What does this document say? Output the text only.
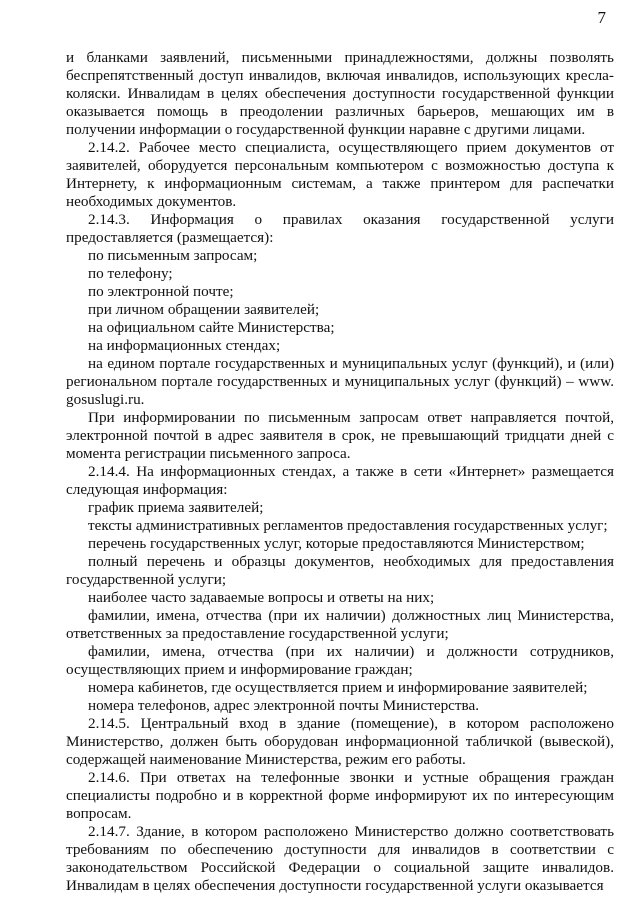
7

и бланками заявлений, письменными принадлежностями, должны позволять беспрепятственный доступ инвалидов, включая инвалидов, использующих кресла-коляски. Инвалидам в целях обеспечения доступности государственной функции оказывается помощь в преодолении различных барьеров, мешающих им в получении информации о государственной функции наравне с другими лицами.

2.14.2. Рабочее место специалиста, осуществляющего прием документов от заявителей, оборудуется персональным компьютером с возможностью доступа к Интернету, к информационным системам, а также принтером для распечатки необходимых документов.

2.14.3. Информация о правилах оказания государственной услуги предоставляется (размещается):

по письменным запросам;

по телефону;

по электронной почте;

при личном обращении заявителей;

на официальном сайте Министерства;

на информационных стендах;

на едином портале государственных и муниципальных услуг (функций), и (или) региональном портале государственных и муниципальных услуг (функций) – www. gosuslugi.ru.

При информировании по письменным запросам ответ направляется почтой, электронной почтой в адрес заявителя в срок, не превышающий тридцати дней с момента регистрации письменного запроса.

2.14.4. На информационных стендах, а также в сети «Интернет» размещается следующая информация:

график приема заявителей;

тексты административных регламентов предоставления государственных услуг;

перечень государственных услуг, которые предоставляются Министерством;

полный перечень и образцы документов, необходимых для предоставления государственной услуги;

наиболее часто задаваемые вопросы и ответы на них;

фамилии, имена, отчества (при их наличии) должностных лиц Министерства, ответственных за предоставление государственной услуги;

фамилии, имена, отчества (при их наличии) и должности сотрудников, осуществляющих прием и информирование граждан;

номера кабинетов, где осуществляется прием и информирование заявителей;

номера телефонов, адрес электронной почты Министерства.

2.14.5. Центральный вход в здание (помещение), в котором расположено Министерство, должен быть оборудован информационной табличкой (вывеской), содержащей наименование Министерства, режим его работы.

2.14.6. При ответах на телефонные звонки и устные обращения граждан специалисты подробно и в корректной форме информируют их по интересующим вопросам.

2.14.7. Здание, в котором расположено Министерство должно соответствовать требованиям по обеспечению доступности для инвалидов в соответствии с законодательством Российской Федерации о социальной защите инвалидов. Инвалидам в целях обеспечения доступности государственной услуги оказывается
